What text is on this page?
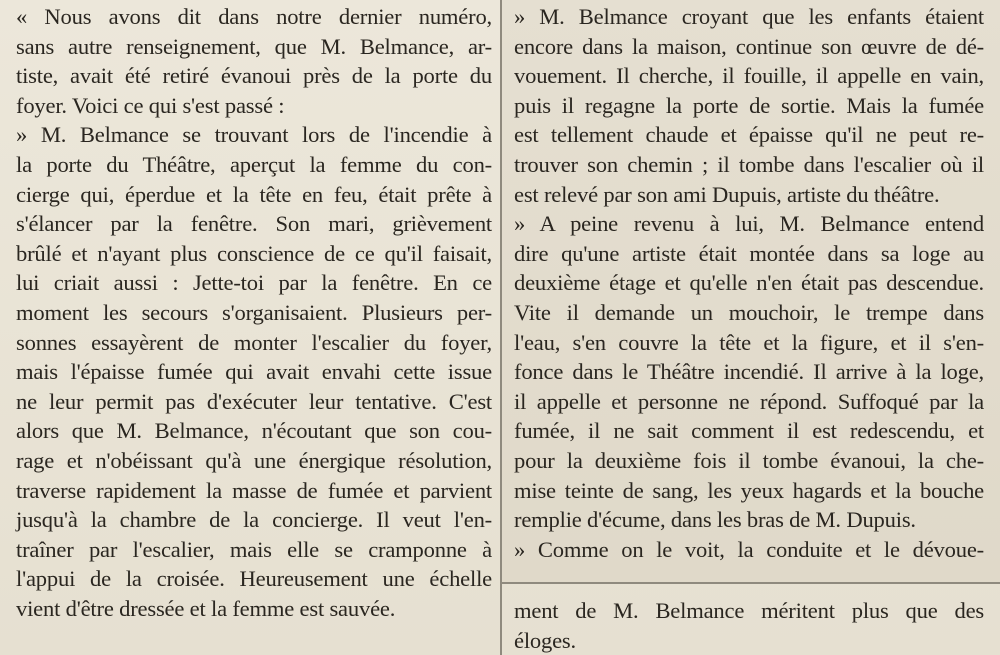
« Nous avons dit dans notre dernier numéro,
sans autre renseignement, que M. Belmance, ar-
tiste, avait été retiré évanoui près de la porte du
foyer. Voici ce qui s'est passé :
» M. Belmance se trouvant lors de l'incendie à
la porte du Théâtre, aperçut la femme du con-
cierge qui, éperdue et la tête en feu, était prête à
s'élancer par la fenêtre. Son mari, grièvement
brûlé et n'ayant plus conscience de ce qu'il faisait,
lui criait aussi : Jette-toi par la fenêtre. En ce
moment les secours s'organisaient. Plusieurs per-
sonnes essayèrent de monter l'escalier du foyer,
mais l'épaisse fumée qui avait envahi cette issue
ne leur permit pas d'exécuter leur tentative. C'est
alors que M. Belmance, n'écoutant que son cou-
rage et n'obéissant qu'à une énergique résolution,
traverse rapidement la masse de fumée et parvient
jusqu'à la chambre de la concierge. Il veut l'en-
traîner par l'escalier, mais elle se cramponne à
l'appui de la croisée. Heureusement une échelle
vient d'être dressée et la femme est sauvée.
» M. Belmance croyant que les enfants étaient
encore dans la maison, continue son œuvre de dé-
vouement. Il cherche, il fouille, il appelle en vain,
puis il regagne la porte de sortie. Mais la fumée
est tellement chaude et épaisse qu'il ne peut re-
trouver son chemin ; il tombe dans l'escalier où il
est relevé par son ami Dupuis, artiste du théâtre.
» A peine revenu à lui, M. Belmance entend
dire qu'une artiste était montée dans sa loge au
deuxième étage et qu'elle n'en était pas descendue.
Vite il demande un mouchoir, le trempe dans
l'eau, s'en couvre la tête et la figure, et il s'en-
fonce dans le Théâtre incendié. Il arrive à la loge,
il appelle et personne ne répond. Suffoqué par la
fumée, il ne sait comment il est redescendu, et
pour la deuxième fois il tombe évanoui, la che-
mise teinte de sang, les yeux hagards et la bouche
remplie d'écume, dans les bras de M. Dupuis.
» Comme on le voit, la conduite et le dévoue-
ment de M. Belmance méritent plus que des
éloges.
